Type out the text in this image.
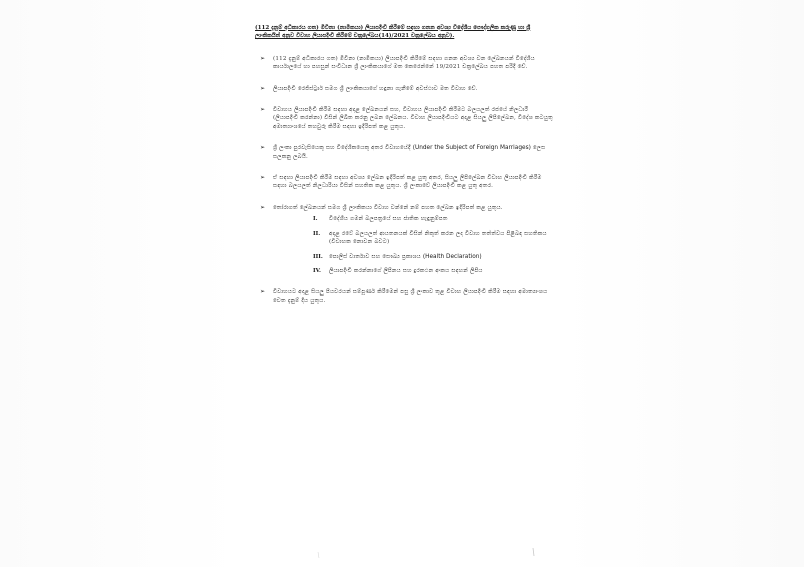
(112 දැනුම් අධිකාරය ගත) මිවිනා (නාමිකයා) ලියාපදිංචි කිරීමේ සඳහා ගනන අවශ්‍ය විදේශීය පෞද්ගලික කරුණු හා ශ්‍රී ලාංකිකයින් අනුව විවාහ ලියාපදිංචි කිරීමේ චක්‍රලේඛය(14)/2021 චක්‍රලේඛය අනුව).

➢ (112 දැනුම් අධිකාරය ගත) මිවිනා (නාමිකයා) ලියාපදිංචි කිරීමේ සඳහා ගනන අවශ්‍ය වන ලේඛනයන් විදේශීය කාර්යාලයේ හා පහසුන් සංවිධාන ශ්‍රී ලාංකිකයාගේ මත කෙරෙන්නේ 19/2021 චක්‍රලේඛය පහත පරිදි වේ.
➢ ලියාපදිංචි රෙජිස්ට්‍රාර් සමග ශ්‍රී ලාංකිකයාගේ හඳුනා ගැනීමේ අවස්ථාව මත විවාහ වේ.
➢ විවාහය ලියාපදිංචි කිරීම සඳහා අදාළ ලේඛනයන් සහ, විවාහය ලියාපදිංචි කිරීමට බලයලත් රජයේ නිලධාරී (ලියාපදිංචි කරන්නා) විසින් ලිඛිත කරනු ලබන ලේඛනය. විවාහ ලියාපදිංචියට අදාළ සියලු ලිපිලේඛන, විදේශ කටයුතු අමාත්‍යාංශයේ තහවුරු කිරීම සඳහා ඉදිරිපත් කළ යුතුය.
➢ ශ්‍රී ලංකා පුරවැසියෙකු සහ විදේශිකයෙකු අතර විවාහයේදී (Under the Subject of Foreign Marriages) ලෙස සලකනු ලබයි.
➢ ඒ සඳහා ලියාපදිංචි කිරීම සඳහා අවශ්‍ය ලේඛන ඉදිරිපත් කළ යුතු අතර, සියලු ලිපිලේඛන විවාහ ලියාපදිංචි කිරීම සඳහා බලයලත් නිලධාරියා විසින් සහතික කළ යුතුය. ශ්‍රී ලංකාවේ ලියාපදිංචි කළ යුතු අතර.
➢ තෝරාගත් ලේඛනයන් සමග ශ්‍රී ලාංකිකයා විවාහ වන්නේ නම් පහත ලේඛන ඉදිරිපත් කළ යුතුය.
I. විදේශීය ගමන් බලපත්‍රයේ සහ ජාතික හැඳුනුම්පත
II. අදාළ රටේ බලයලත් ආයතනයක් විසින් නිකුත් කරන ලද විවාහ තත්ත්වය පිළිබඳ සහතිකය (විවාහක නොවන බවට)
III. පොලිස් වාර්තාව සහ සෞඛ්‍ය ප්‍රකාශය (Health Declaration)
IV. ලියාපදිංචි කරන්නාගේ ලිපිනය සහ දුරකථන අංකය සඳහන් ලිපිය
➢ විවාහයට අදාළ සියලු පියවරයන් සම්පූර්ණ කිරීමෙන් පසු ශ්‍රී ලංකාව තුළ විවාහ ලියාපදිංචි කිරීම සඳහා අමාත්‍යාංශය වෙත දැනුම් දිය යුතුය.
